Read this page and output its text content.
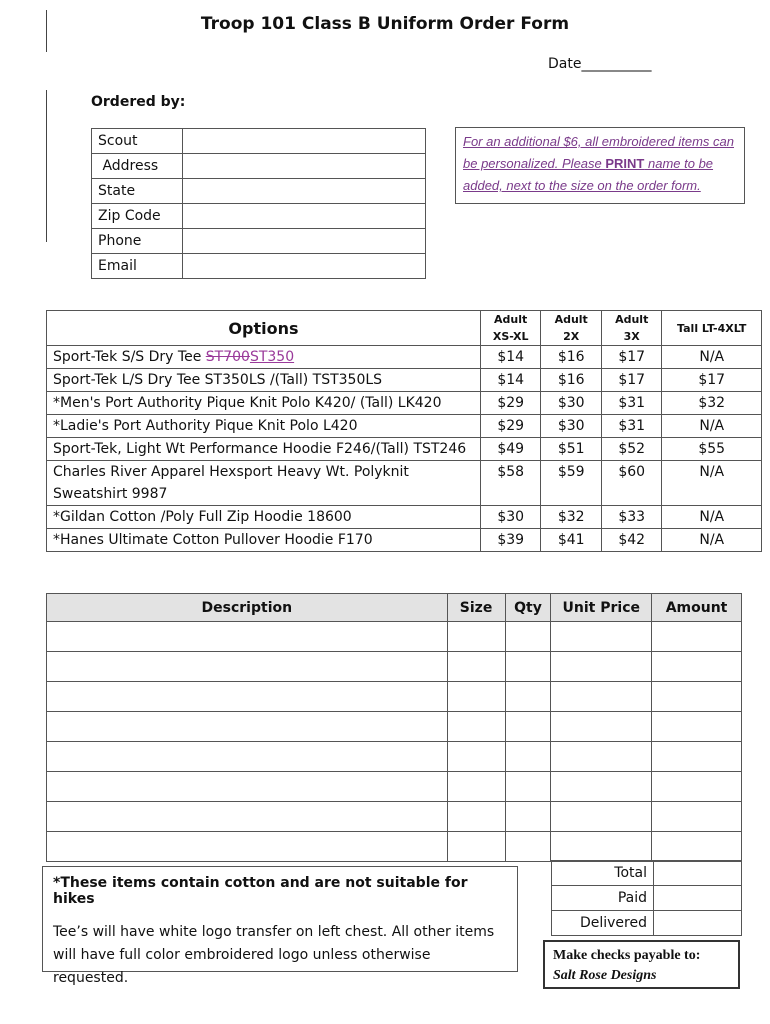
Troop 101 Class B Uniform Order Form
Date__________
Ordered by:
Scout	
Address	
State	
Zip Code	
Phone	
Email	
For an additional $6, all embroidered items can be personalized. Please PRINT name to be added, next to the size on the order form.
Options	Adult XS-XL	Adult 2X	Adult 3X	Tall LT-4XLT
Sport-Tek S/S Dry Tee ST700ST350	$14	$16	$17	N/A
Sport-Tek L/S Dry Tee ST350LS /(Tall) TST350LS	$14	$16	$17	$17
*Men's Port Authority Pique Knit Polo K420/ (Tall) LK420	$29	$30	$31	$32
*Ladie's Port Authority Pique Knit Polo L420	$29	$30	$31	N/A
Sport-Tek, Light Wt Performance Hoodie F246/(Tall) TST246	$49	$51	$52	$55
Charles River Apparel Hexsport Heavy Wt. Polyknit Sweatshirt 9987	$58	$59	$60	N/A
*Gildan Cotton /Poly Full Zip Hoodie 18600	$30	$32	$33	N/A
*Hanes Ultimate Cotton Pullover Hoodie F170	$39	$41	$42	N/A
Description	Size	Qty	Unit Price	Amount

Total	
Paid	
Delivered	
*These items contain cotton and are not suitable for hikes
Tee’s will have white logo transfer on left chest. All other items will have full color embroidered logo unless otherwise requested.
Make checks payable to:
Salt Rose Designs
